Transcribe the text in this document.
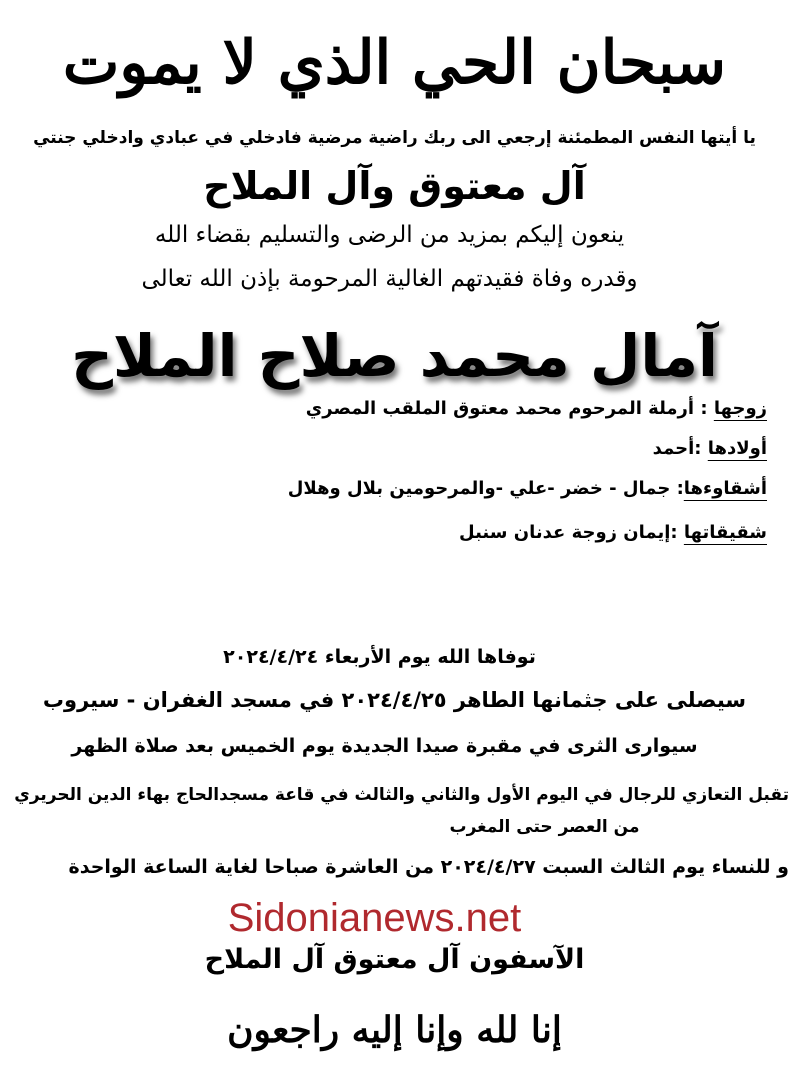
سبحان الحي الذي لا يموت
يا أيتها النفس المطمئنة إرجعي الى ربك راضية مرضية فادخلي في عبادي وادخلي جنتي
آل معتوق وآل الملاح
ينعون إليكم بمزيد من الرضى والتسليم بقضاء الله
وقدره وفاة فقيدتهم الغالية المرحومة بإذن الله تعالى
آمال محمد صلاح الملاح
زوجها : أرملة المرحوم محمد معتوق الملقب المصري
أولادها :أحمد
أشقاوءها: جمال - خضر -علي -والمرحومين بلال وهلال
شقيقاتها :إيمان زوجة عدنان سنبل
توفاها الله يوم الأربعاء ٢٠٢٤/٤/٢٤
سيصلى على جثمانها الطاهر ٢٠٢٤/٤/٢٥ في مسجد الغفران - سيروب
سيوارى الثرى في مقبرة صيدا الجديدة يوم الخميس بعد صلاة الظهر
تقبل التعازي للرجال في اليوم الأول والثاني والثالث في قاعة مسجدالحاج بهاء الدين الحريري
من العصر حتى المغرب
و للنساء يوم الثالث السبت ٢٠٢٤/٤/٢٧ من العاشرة صباحا لغاية الساعة الواحدة
Sidonianews.net
الآسفون آل معتوق آل الملاح
إنا لله وإنا إليه راجعون
